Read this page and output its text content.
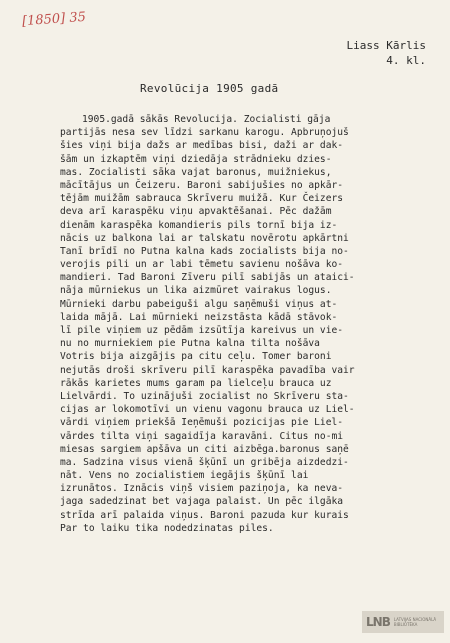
[1850] 35
Liass Kārlis
4. kl.
Revolūcija 1905 gadā
1905.gadā sākās Revolucija. Zocialisti gāja
partijās nesa sev līdzi sarkanu karogu. Apbruņojuš
šies viņi bija dažs ar medības bisi, daži ar dak-
šām un izkaptēm viņi dziedāja strādnieku dzies-
mas. Zocialisti sāka vajat baronus, muižniekus,
mācītājus un Čeizeru. Baroni sabijušies no apkār-
tējām muižām sabrauca Skrīveru muižā. Kur Čeizers
deva arī karaspēku viņu apvaktēšanai. Pēc dažām
dienām karaspēka komandieris pils tornī bija iz-
nācis uz balkona lai ar talskatu novērotu apkārtni
Tanī brīdī no Putna kalna kads zocialists bija no-
verojis pili un ar labi tēmetu savienu nošāva ko-
mandieri. Tad Baroni Zīveru pilī sabijās un ataici-
nāja mūrniekus un lika aizmūret vairakus logus.
Mūrnieki darbu pabeiguši algu saņēmuši viņus at-
laida mājā. Lai mūrnieki neizstāsta kādā stāvok-
lī pile viņiem uz pēdām izsūtīja kareivus un vie-
nu no murniekiem pie Putna kalna tilta nošāva
Votris bija aizgājis pa citu ceļu. Tomer baroni
nejutās droši skrīveru pilī karaspēka pavadība vair
rākās karietes mums garam pa lielceļu brauca uz
Lielvārdi. To uzinājuši zocialist no Skrīveru sta-
cijas ar lokomotīvi un vienu vagonu brauca uz Liel-
vārdi viņiem priekšā Ieņēmuši pozicijas pie Liel-
vārdes tilta viņi sagaidīja karavāni. Citus no-mi
miesas sargiem apšāva un citi aizbēga.baronus saņē
ma. Sadzina visus vienā šķūnī un gribēja aizdedzi-
nāt. Vens no zocialistiem iegājis šķūnī lai
izrunātos. Iznācis viņš visiem paziņoja, ka neva-
jaga sadedzinat bet vajaga palaist. Un pēc ilgāka
strīda arī palaida viņus. Baroni pazuda kur kurais
Par to laiku tika nodedzinatas piles.
LNB LATVIJAS NACIONĀLĀ BIBLIOTĒKA
